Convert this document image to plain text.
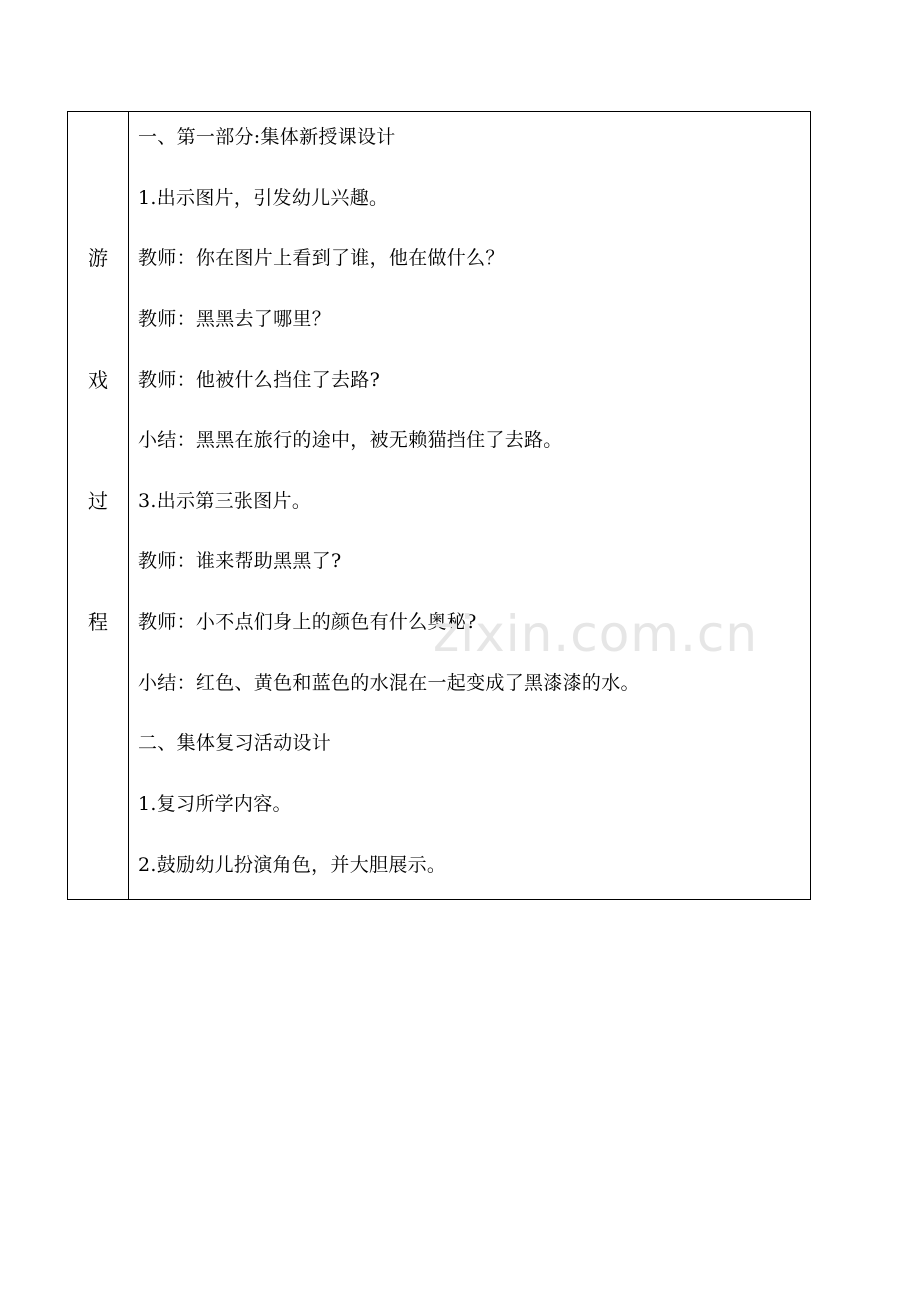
游
戏
过
程
一、第一部分:集体新授课设计
1.出示图片，引发幼儿兴趣。
教师：你在图片上看到了谁，他在做什么？
教师：黑黑去了哪里？
教师：他被什么挡住了去路?
小结：黑黑在旅行的途中，被无赖猫挡住了去路。
3.出示第三张图片。
教师：谁来帮助黑黑了?
教师：小不点们身上的颜色有什么奥秘?
小结：红色、黄色和蓝色的水混在一起变成了黑漆漆的水。
二、集体复习活动设计
1.复习所学内容。
2.鼓励幼儿扮演角色，并大胆展示。
zixin.com.cn
